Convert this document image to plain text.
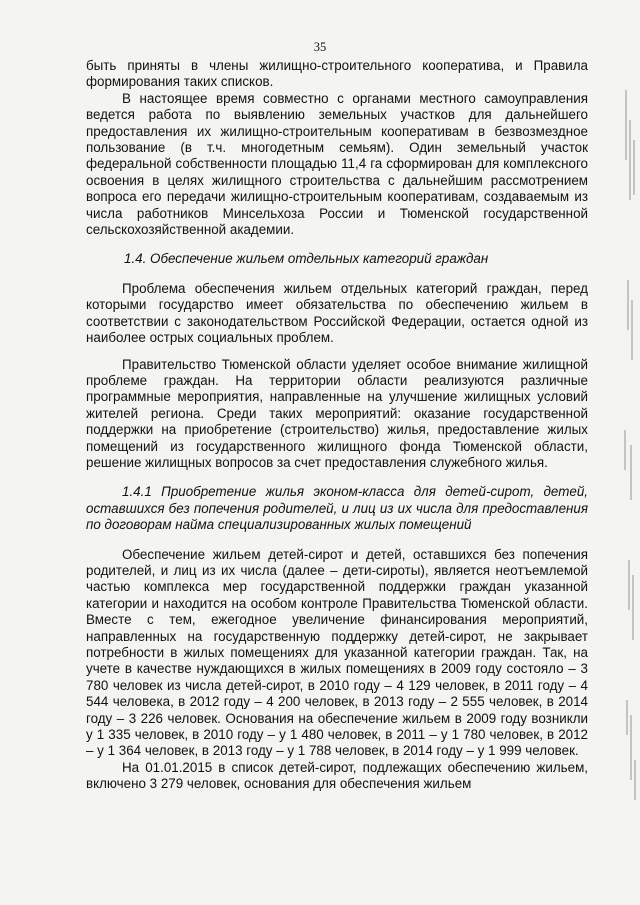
35

быть приняты в члены жилищно-строительного кооператива, и Правила формирования таких списков.

В настоящее время совместно с органами местного самоуправления ведется работа по выявлению земельных участков для дальнейшего предоставления их жилищно-строительным кооперативам в безвозмездное пользование (в т.ч. многодетным семьям). Один земельный участок федеральной собственности площадью 11,4 га сформирован для комплексного освоения в целях жилищного строительства с дальнейшим рассмотрением вопроса его передачи жилищно-строительным кооперативам, создаваемым из числа работников Минсельхоза России и Тюменской государственной сельскохозяйственной академии.

1.4. Обеспечение жильем отдельных категорий граждан

Проблема обеспечения жильем отдельных категорий граждан, перед которыми государство имеет обязательства по обеспечению жильем в соответствии с законодательством Российской Федерации, остается одной из наиболее острых социальных проблем.

Правительство Тюменской области уделяет особое внимание жилищной проблеме граждан. На территории области реализуются различные программные мероприятия, направленные на улучшение жилищных условий жителей региона. Среди таких мероприятий: оказание государственной поддержки на приобретение (строительство) жилья, предоставление жилых помещений из государственного жилищного фонда Тюменской области, решение жилищных вопросов за счет предоставления служебного жилья.

1.4.1 Приобретение жилья эконом-класса для детей-сирот, детей, оставшихся без попечения родителей, и лиц из их числа для предоставления по договорам найма специализированных жилых помещений

Обеспечение жильем детей-сирот и детей, оставшихся без попечения родителей, и лиц из их числа (далее – дети-сироты), является неотъемлемой частью комплекса мер государственной поддержки граждан указанной категории и находится на особом контроле Правительства Тюменской области. Вместе с тем, ежегодное увеличение финансирования мероприятий, направленных на государственную поддержку детей-сирот, не закрывает потребности в жилых помещениях для указанной категории граждан. Так, на учете в качестве нуждающихся в жилых помещениях в 2009 году состояло – 3 780 человек из числа детей-сирот, в 2010 году – 4 129 человек, в 2011 году – 4 544 человека, в 2012 году – 4 200 человек, в 2013 году – 2 555 человек, в 2014 году – 3 226 человек. Основания на обеспечение жильем в 2009 году возникли у 1 335 человек, в 2010 году – у 1 480 человек, в 2011 – у 1 780 человек, в 2012 – у 1 364 человек, в 2013 году – у 1 788 человек, в 2014 году – у 1 999 человек.

На 01.01.2015 в список детей-сирот, подлежащих обеспечению жильем, включено 3 279 человек, основания для обеспечения жильем
